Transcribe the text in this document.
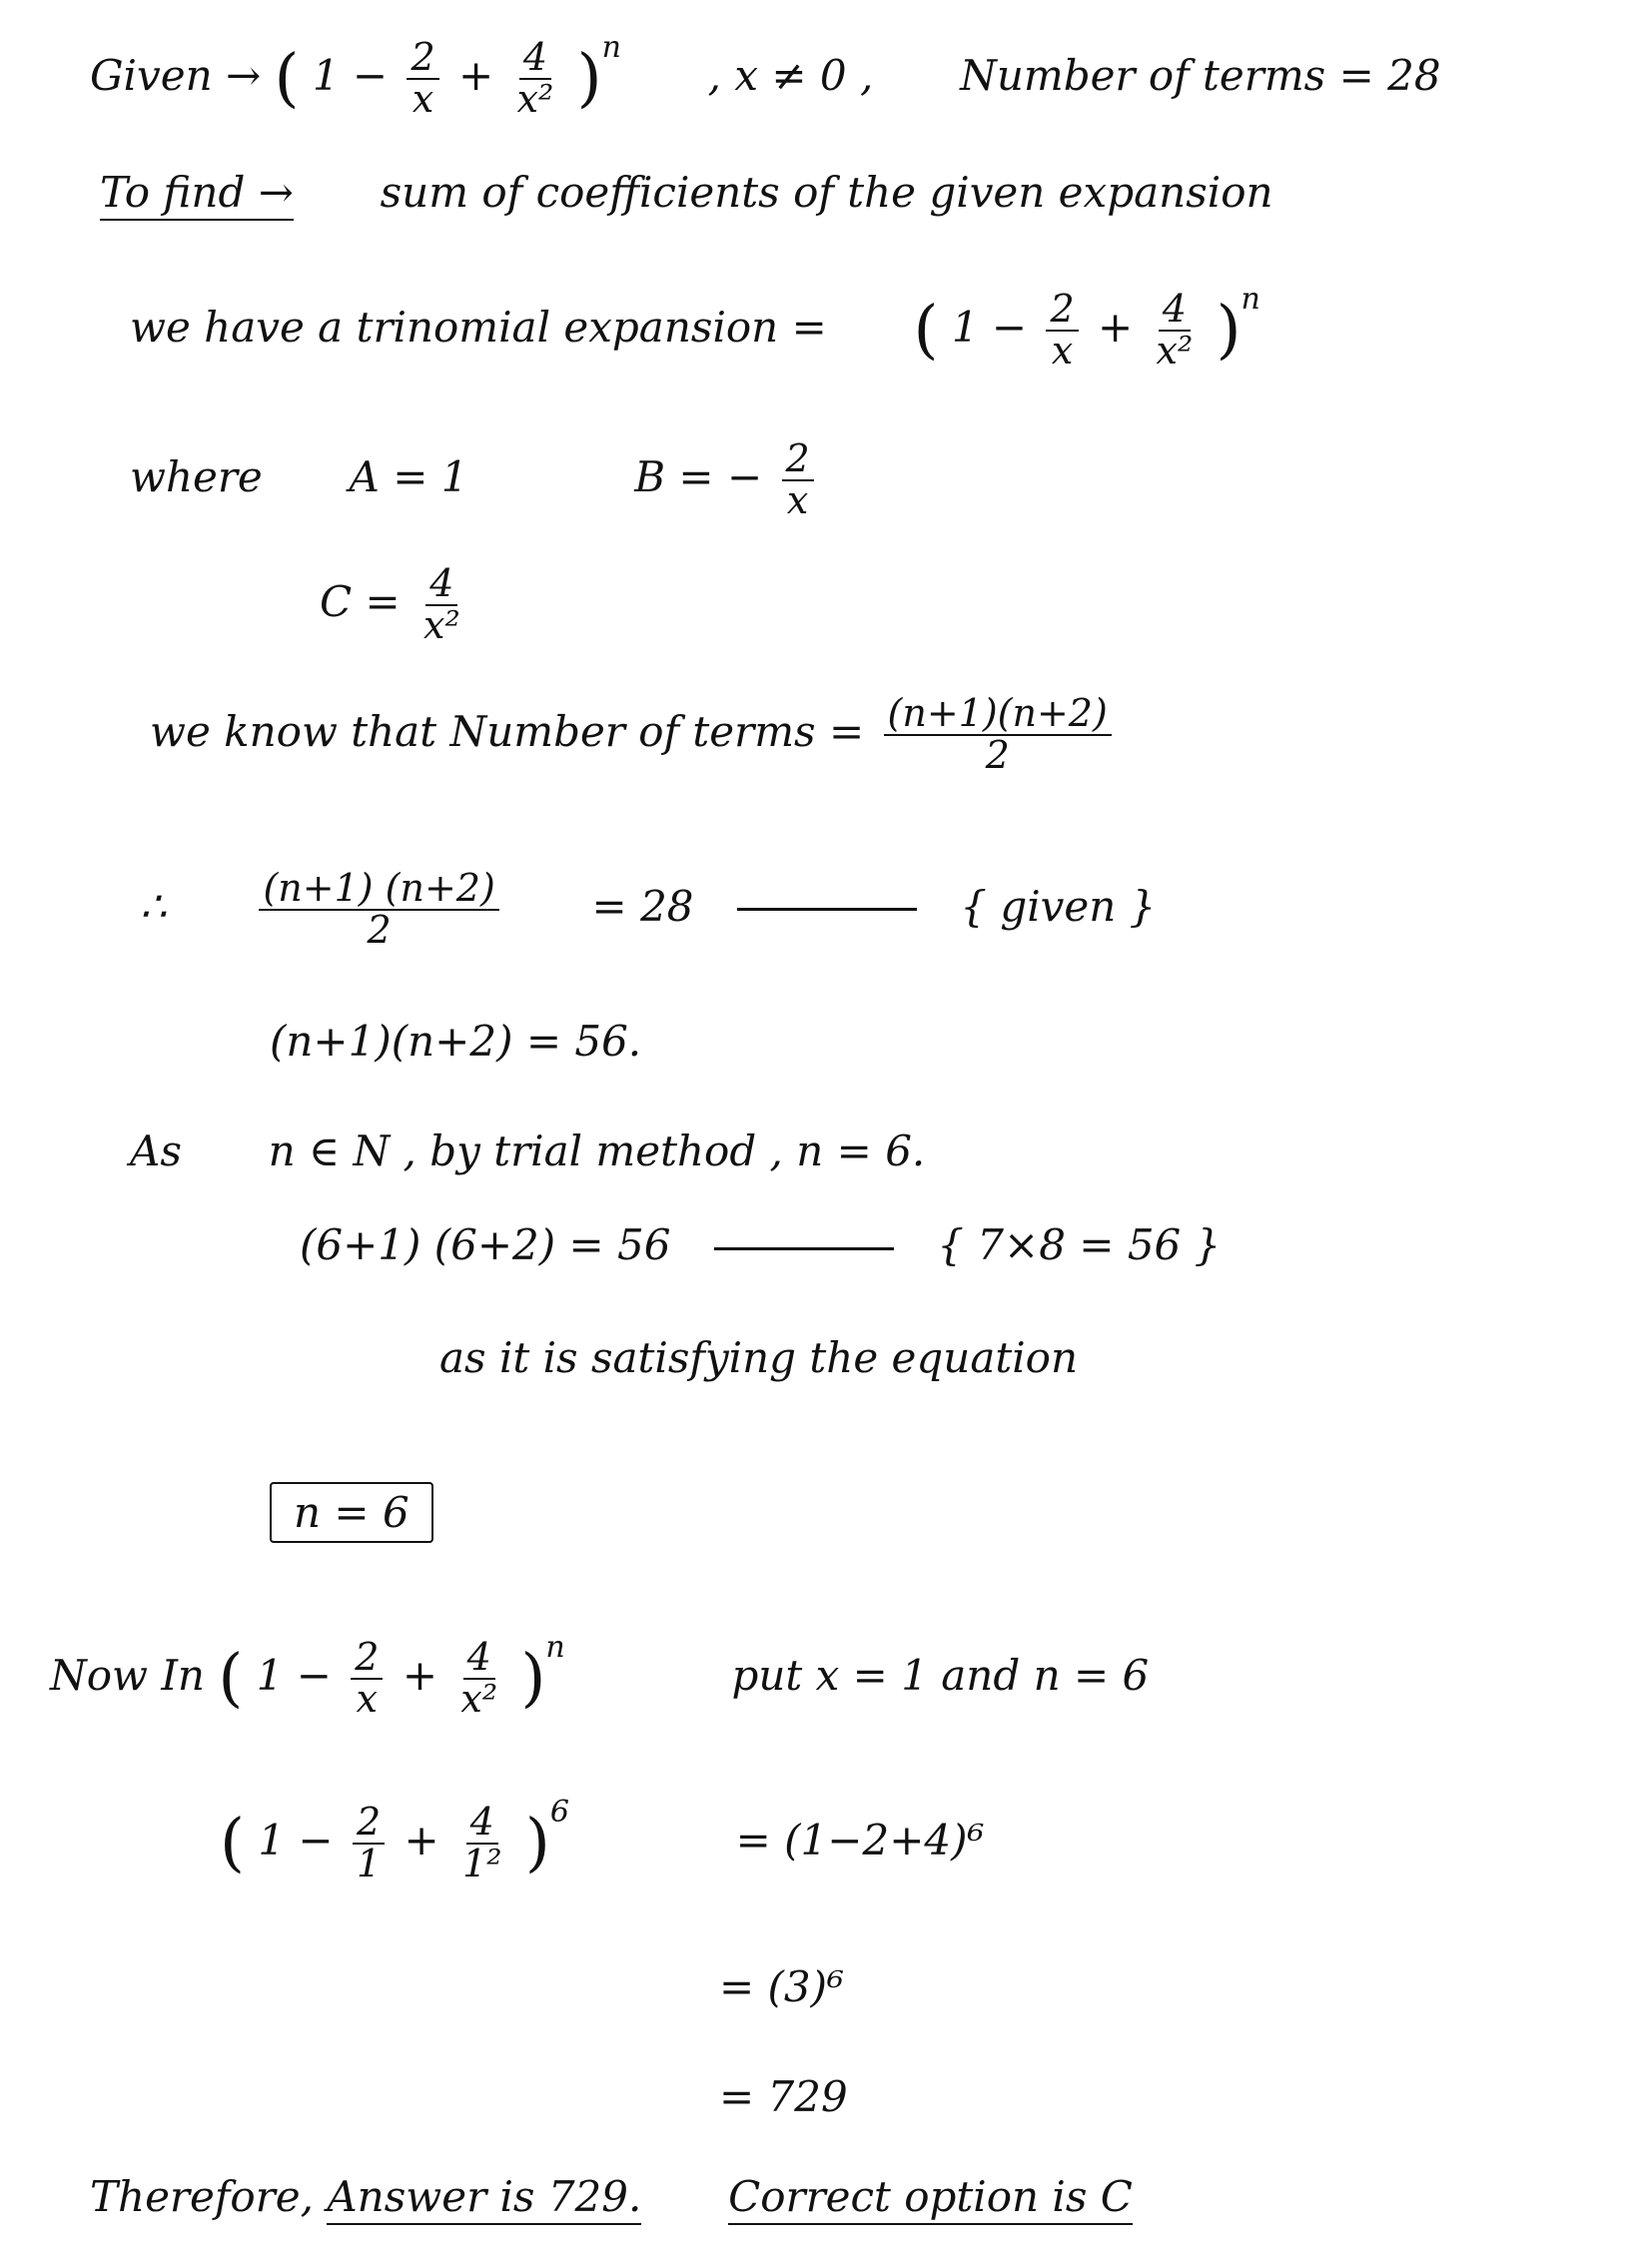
Given → ( $1 - \frac{2}{x} + \frac{4}{\text{x²}} )^n$  , x ≠ 0 , Number of terms = 28
To find → sum of coefficients of the given expansion
we have a trinomial expansion = ( $1 - \frac{2}{x} + \frac{4}{\text{x²}} )^n$
where A = 1	B = − $\frac{2}{x}$
$C = \frac{4}{\text{x²}}$
we know that Number of terms = $\frac{(n+1)(n+2)}{2}$
∴ $\frac{(n+1) (n+2)}{2} = 28$	{ given }
(n+1)(n+2) = 56.
As n ∈ N , by trial method , n = 6.
(6+1) (6+2) = 56	{ 7×8 = 56 }
as it is satisfying the equation
n = 6
Now In ( $1 - \frac{2}{x} + \frac{4}{\text{x²}} )^n$  put x = 1 and n = 6
( $1 - \frac{2}{1} + \frac{4}{\text{1²}} )^6 = (1-2+4)^6$
= (3)⁶
= 729
Therefore, Answer is 729. Correct option is C
